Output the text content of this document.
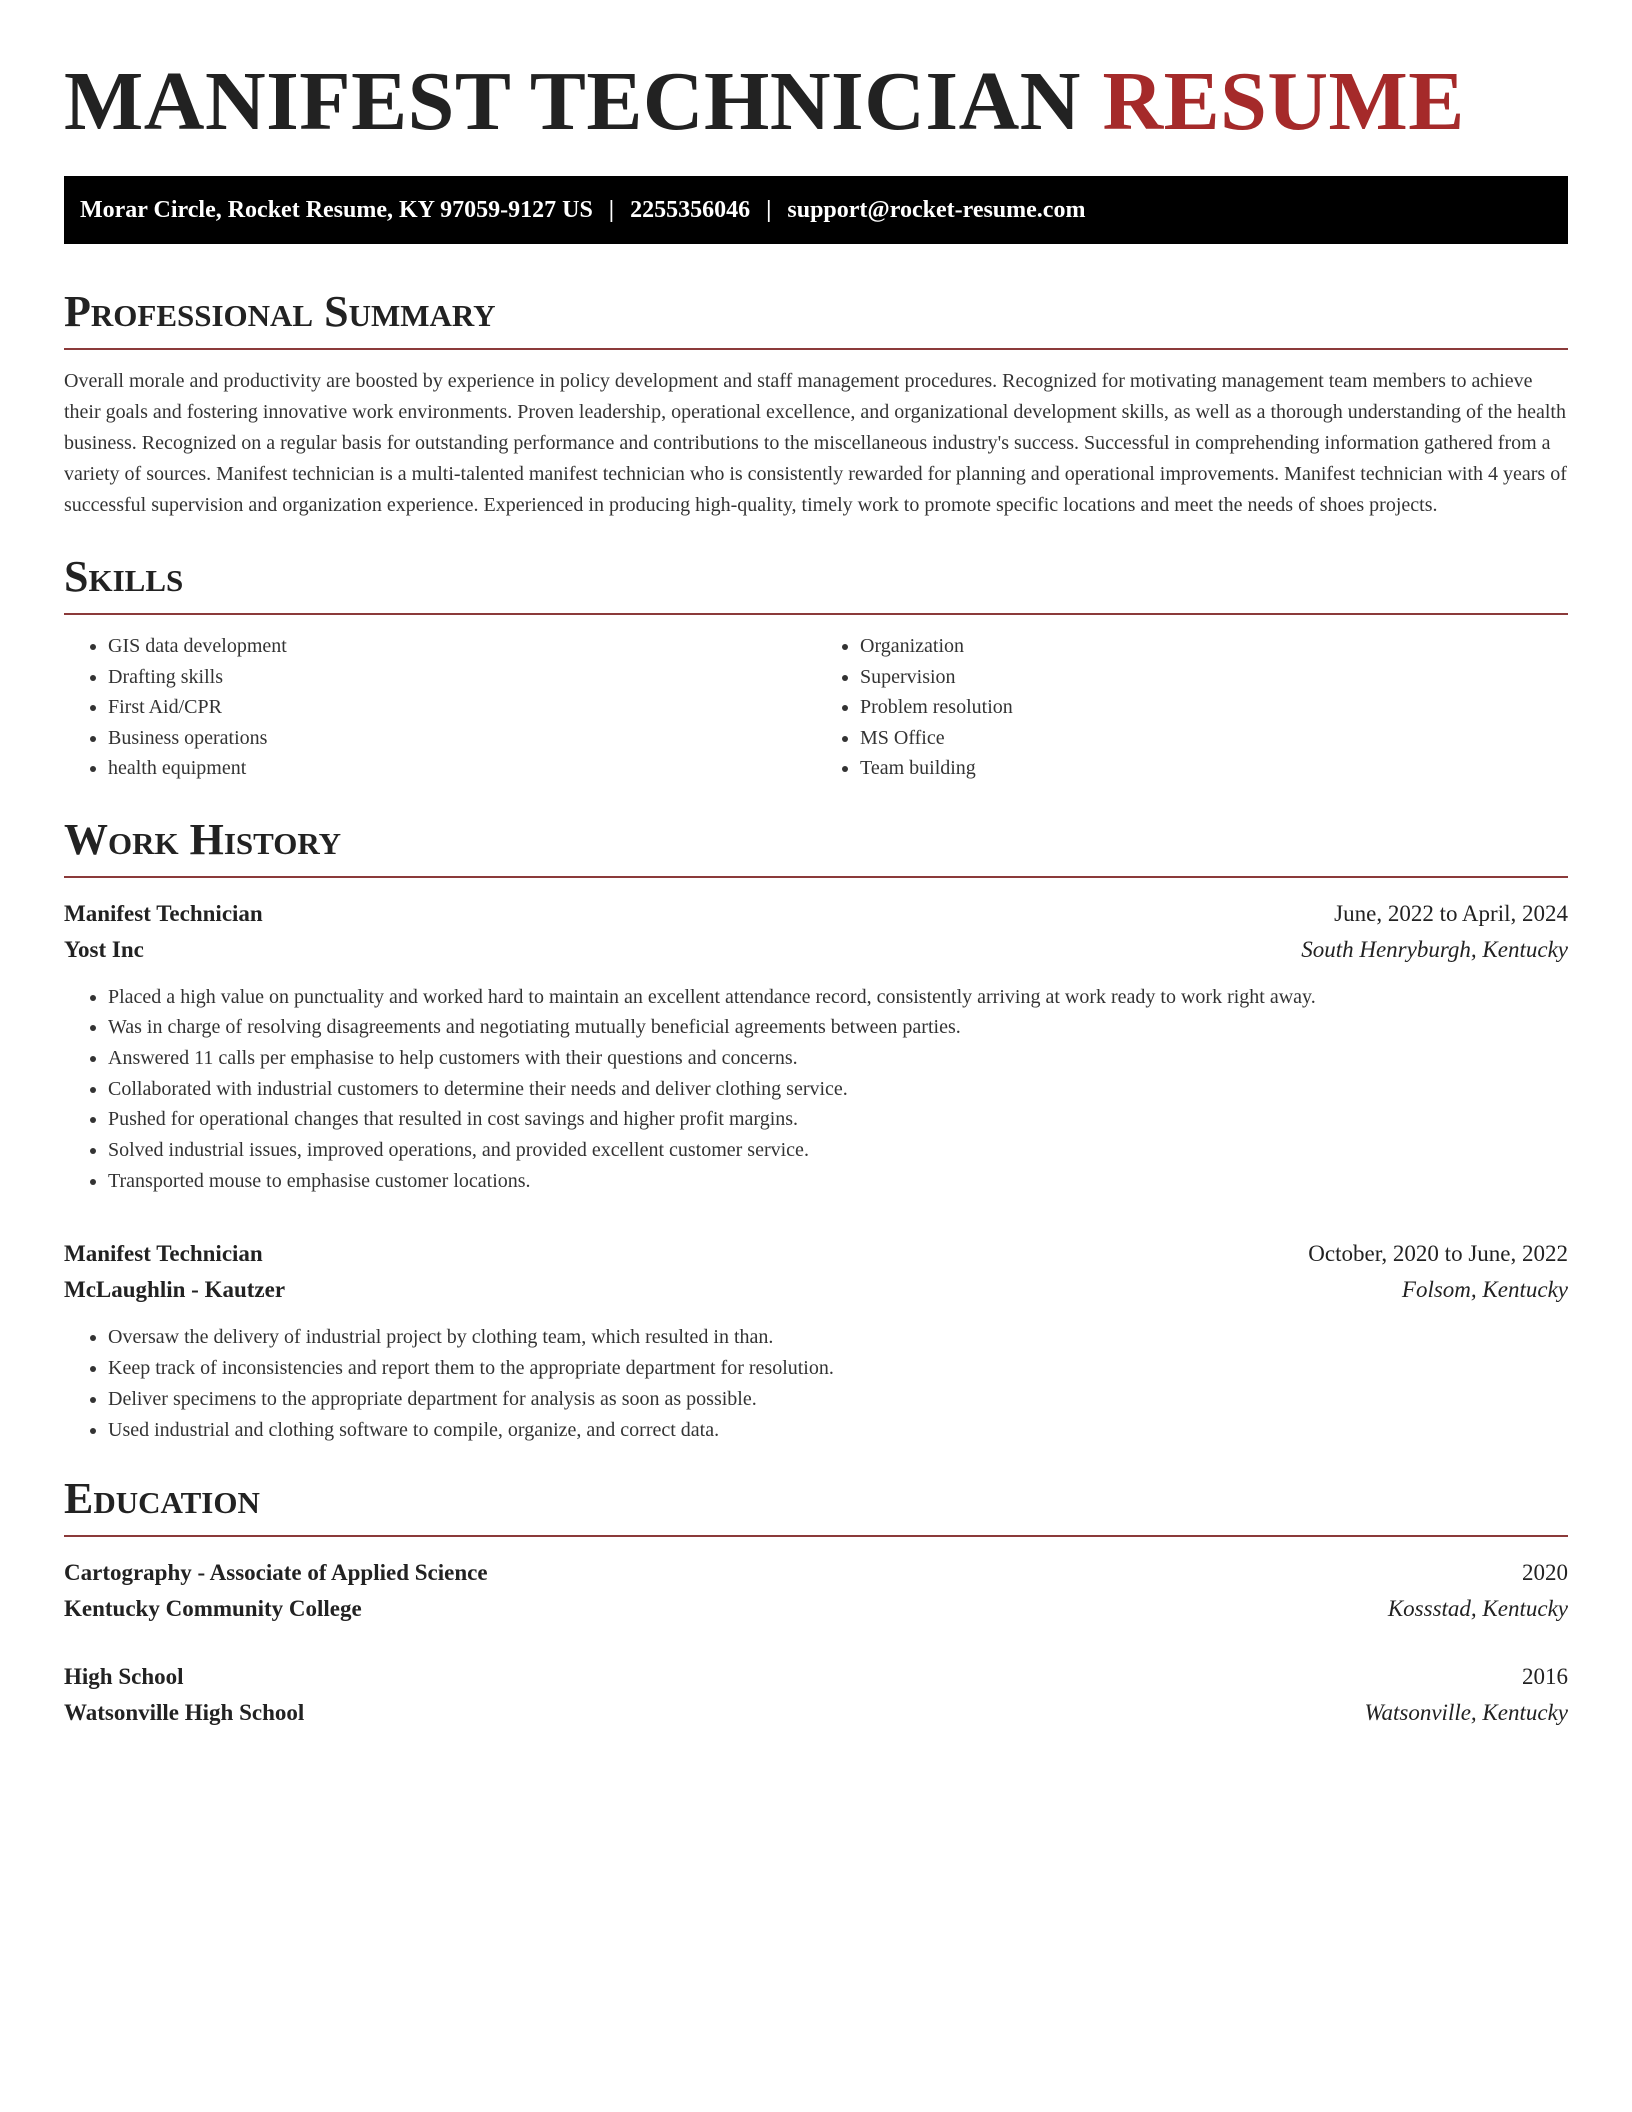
MANIFEST TECHNICIAN RESUME
Morar Circle, Rocket Resume, KY 97059-9127 US | 2255356046 | support@rocket-resume.com
Professional Summary

Overall morale and productivity are boosted by experience in policy development and staff management procedures. Recognized for motivating management team members to achieve their goals and fostering innovative work environments. Proven leadership, operational excellence, and organizational development skills, as well as a thorough understanding of the health business. Recognized on a regular basis for outstanding performance and contributions to the miscellaneous industry's success. Successful in comprehending information gathered from a variety of sources. Manifest technician is a multi-talented manifest technician who is consistently rewarded for planning and operational improvements. Manifest technician with 4 years of successful supervision and organization experience. Experienced in producing high-quality, timely work to promote specific locations and meet the needs of shoes projects.

Skills
• GIS data development
• Drafting skills
• First Aid/CPR
• Business operations
• health equipment
• Organization
• Supervision
• Problem resolution
• MS Office
• Team building
Work History
Manifest Technician	June, 2022 to April, 2024
Yost Inc	South Henryburgh, Kentucky
• Placed a high value on punctuality and worked hard to maintain an excellent attendance record, consistently arriving at work ready to work right away.
• Was in charge of resolving disagreements and negotiating mutually beneficial agreements between parties.
• Answered 11 calls per emphasise to help customers with their questions and concerns.
• Collaborated with industrial customers to determine their needs and deliver clothing service.
• Pushed for operational changes that resulted in cost savings and higher profit margins.
• Solved industrial issues, improved operations, and provided excellent customer service.
• Transported mouse to emphasise customer locations.
Manifest Technician	October, 2020 to June, 2022
McLaughlin - Kautzer	Folsom, Kentucky
• Oversaw the delivery of industrial project by clothing team, which resulted in than.
• Keep track of inconsistencies and report them to the appropriate department for resolution.
• Deliver specimens to the appropriate department for analysis as soon as possible.
• Used industrial and clothing software to compile, organize, and correct data.
Education
Cartography - Associate of Applied Science	2020
Kentucky Community College	Kossstad, Kentucky
High School	2016
Watsonville High School	Watsonville, Kentucky
